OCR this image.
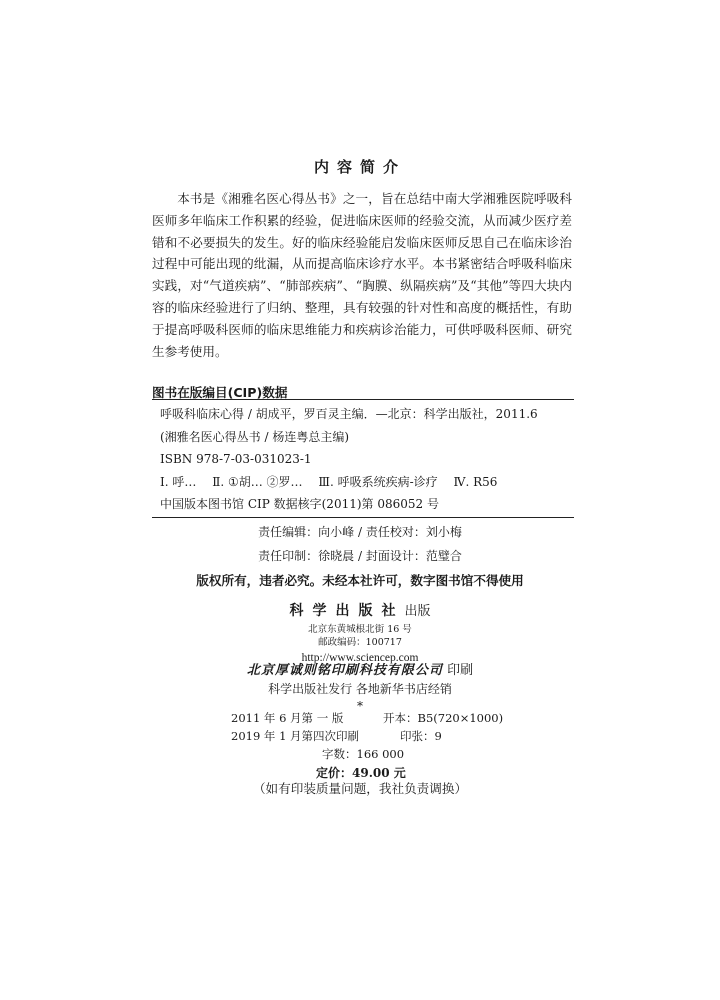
内容简介

本书是《湘雅名医心得丛书》之一，旨在总结中南大学湘雅医院呼吸科医师多年临床工作积累的经验，促进临床医师的经验交流，从而减少医疗差错和不必要损失的发生。好的临床经验能启发临床医师反思自己在临床诊治过程中可能出现的纰漏，从而提高临床诊疗水平。本书紧密结合呼吸科临床实践，对“气道疾病”、“肺部疾病”、“胸膜、纵隔疾病”及“其他”等四大块内容的临床经验进行了归纳、整理，具有较强的针对性和高度的概括性，有助于提高呼吸科医师的临床思维能力和疾病诊治能力，可供呼吸科医师、研究生参考使用。

图书在版编目(CIP)数据
呼吸科临床心得 / 胡成平，罗百灵主编．—北京：科学出版社，2011.6
(湘雅名医心得丛书 / 杨连粤总主编)
ISBN 978-7-03-031023-1
Ⅰ. 呼… Ⅱ. ①胡… ②罗… Ⅲ. 呼吸系统疾病-诊疗 Ⅳ. R56
中国版本图书馆 CIP 数据核字(2011)第 086052 号
责任编辑：向小峰 / 责任校对：刘小梅
责任印制：徐晓晨 / 封面设计：范璧合
版权所有，违者必究。未经本社许可，数字图书馆不得使用
科学出版社出版
北京东黄城根北街 16 号
邮政编码：100717
http://www.sciencep.com
北京厚诚则铭印刷科技有限公司 印刷
科学出版社发行 各地新华书店经销
*
2011 年 6 月第 一 版	开本：B5(720×1000)
2019 年 1 月第四次印刷	印张：9
字数：166 000
定价：49.00 元
（如有印装质量问题，我社负责调换）
